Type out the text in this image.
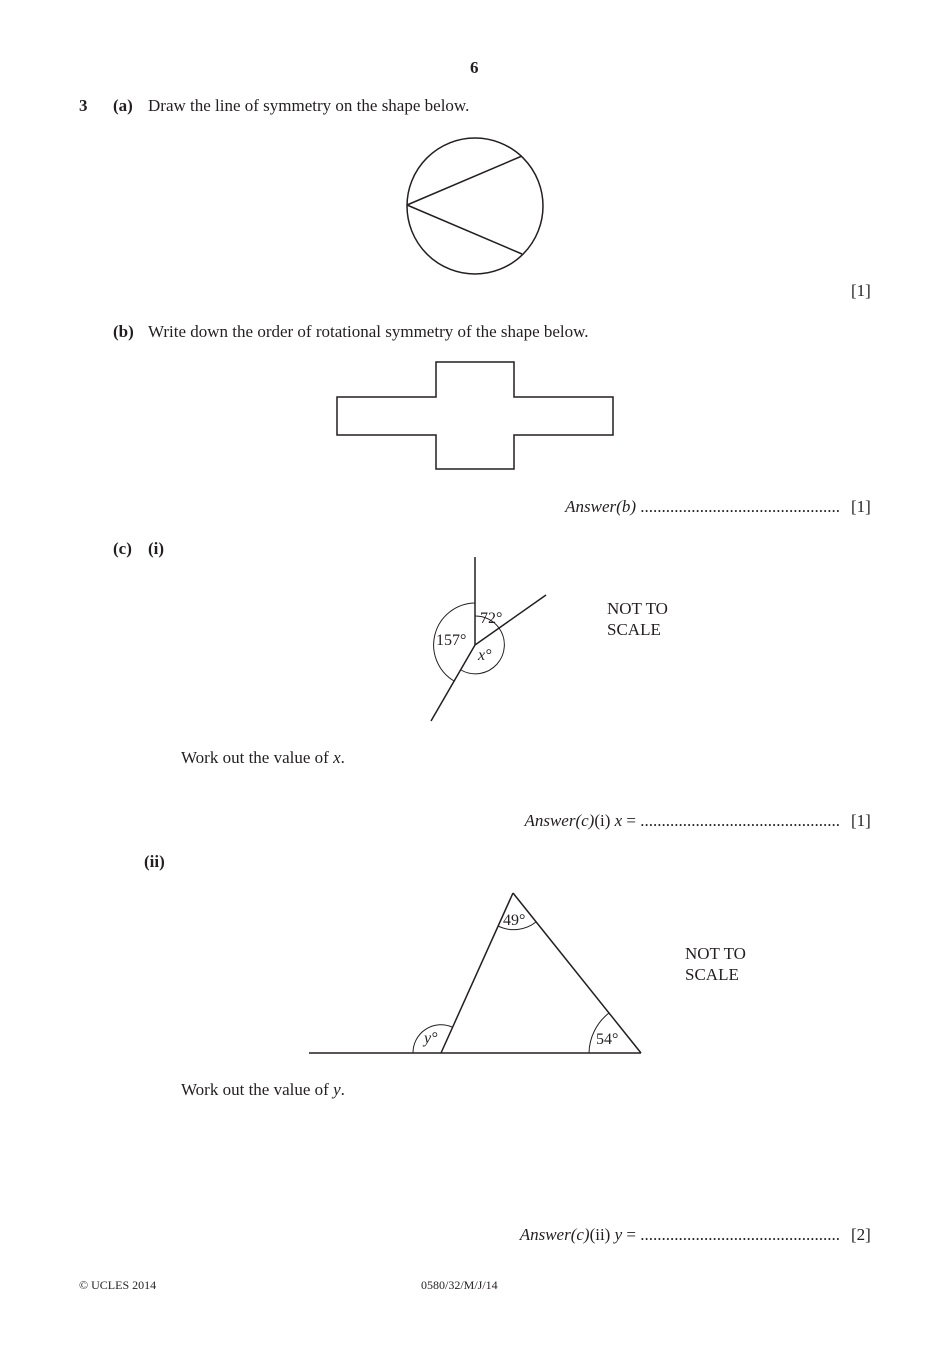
6
3 (a) Draw the line of symmetry on the shape below.
[1]
(b) Write down the order of rotational symmetry of the shape below.
Answer(b) ............................................... [1]
(c) (i)
72°
157°
x°
NOT TO
SCALE
Work out the value of x.
Answer(c)(i) x = ............................................... [1]
(ii)
49°
54°
y°
NOT TO
SCALE
Work out the value of y.
Answer(c)(ii) y = ............................................... [2]
© UCLES 2014	0580/32/M/J/14
